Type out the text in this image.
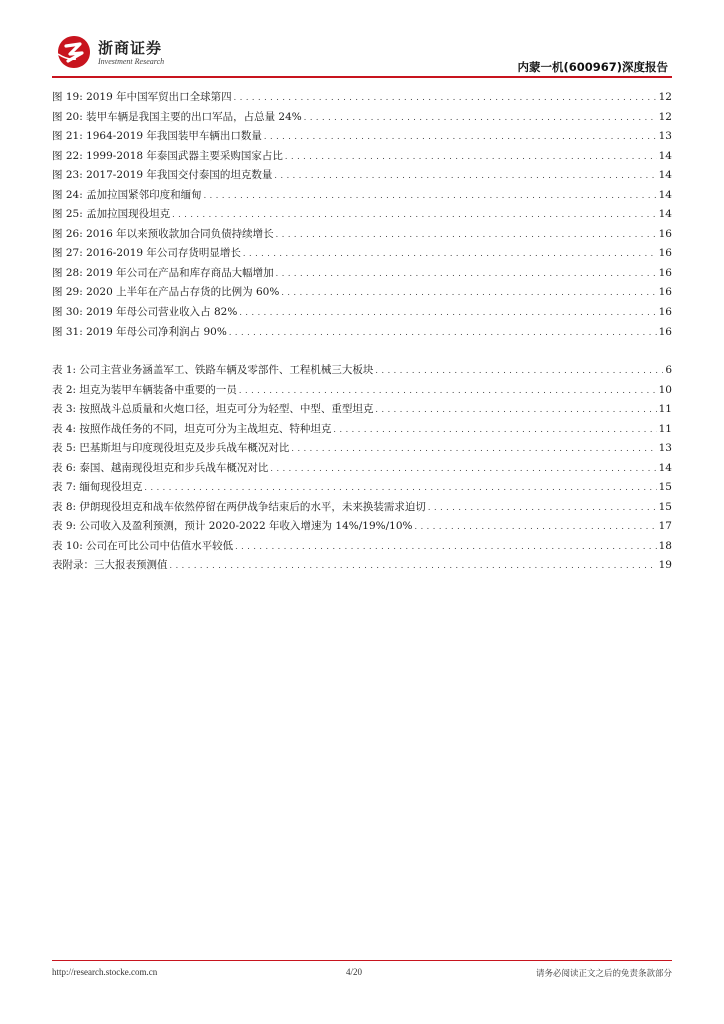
浙商证券
Investment Research	内蒙一机(600967)深度报告
图 19: 2019 年中国军贸出口全球第四 . . .	12
图 20: 装甲车辆是我国主要的出口军品，占总量 24% . . .	12
图 21: 1964-2019 年我国装甲车辆出口数量 . . .	13
图 22: 1999-2018 年泰国武器主要采购国家占比 . . .	14
图 23: 2017-2019 年我国交付泰国的坦克数量 . . .	14
图 24: 孟加拉国紧邻印度和缅甸 . . .	14
图 25: 孟加拉国现役坦克 . . .	14
图 26: 2016 年以来预收款加合同负债持续增长 . . .	16
图 27: 2016-2019 年公司存货明显增长 . . .	16
图 28: 2019 年公司在产品和库存商品大幅增加 . . .	16
图 29: 2020 上半年在产品占存货的比例为 60% . . .	16
图 30: 2019 年母公司营业收入占 82% . . .	16
图 31: 2019 年母公司净利润占 90% . . .	16
表 1: 公司主营业务涵盖军工、铁路车辆及零部件、工程机械三大板块 . . .	6
表 2: 坦克为装甲车辆装备中重要的一员 . . .	10
表 3: 按照战斗总质量和火炮口径，坦克可分为轻型、中型、重型坦克 . . .	11
表 4: 按照作战任务的不同，坦克可分为主战坦克、特种坦克 . . .	11
表 5: 巴基斯坦与印度现役坦克及步兵战车概况对比 . . .	13
表 6: 泰国、越南现役坦克和步兵战车概况对比 . . .	14
表 7: 缅甸现役坦克 . . .	15
表 8: 伊朗现役坦克和战车依然停留在两伊战争结束后的水平，未来换装需求迫切 . . .	15
表 9: 公司收入及盈利预测，预计 2020-2022 年收入增速为 14%/19%/10% . . .	17
表 10: 公司在可比公司中估值水平较低 . . .	18
表附录：三大报表预测值 . . .	19
http://research.stocke.com.cn	4/20	请务必阅读正文之后的免责条款部分
